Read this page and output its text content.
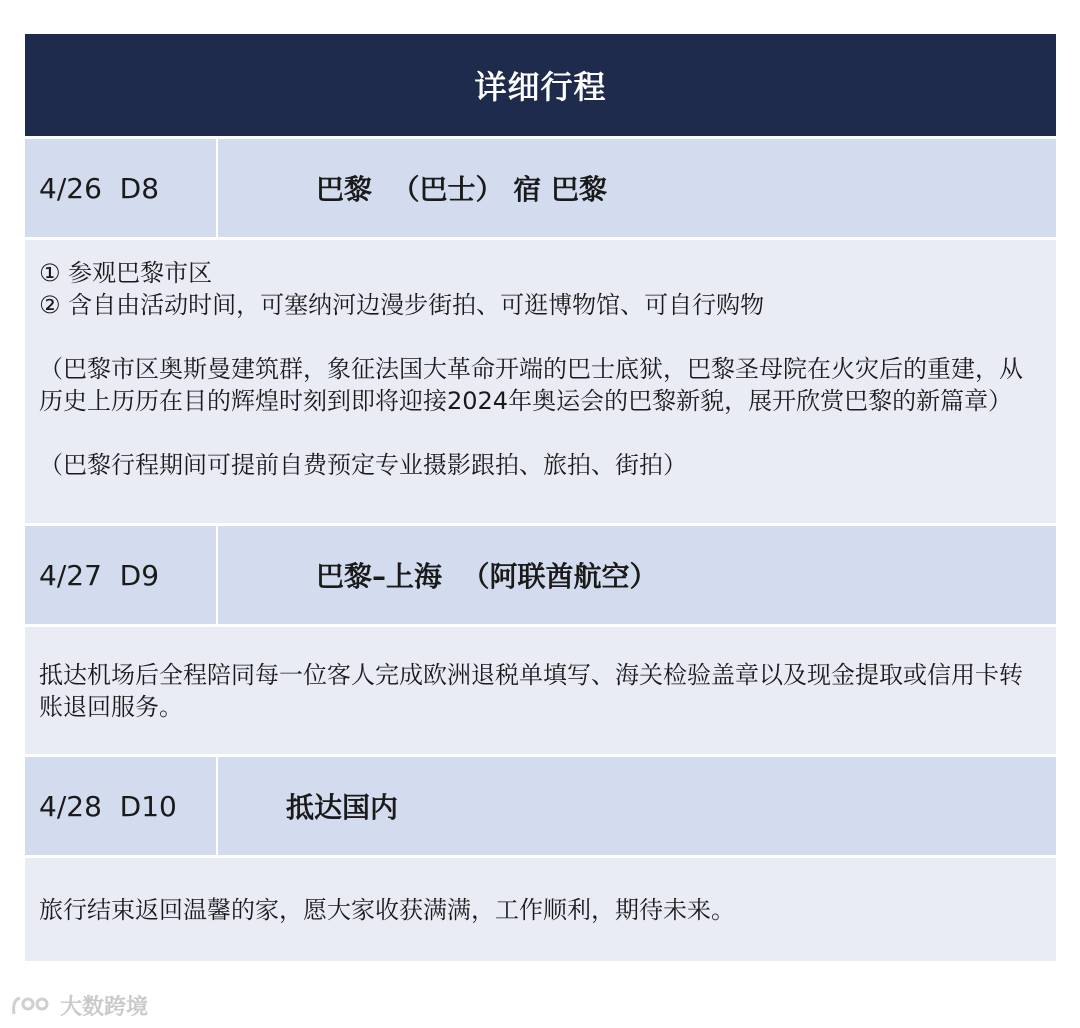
详细行程
4/26  D8	巴黎  （巴士） 宿 巴黎

① 参观巴黎市区

② 含自由活动时间，可塞纳河边漫步街拍、可逛博物馆、可自行购物

（巴黎市区奥斯曼建筑群，象征法国大革命开端的巴士底狱，巴黎圣母院在火灾后的重建，从历史上历历在目的辉煌时刻到即将迎接2024年奥运会的巴黎新貌，展开欣赏巴黎的新篇章）

（巴黎行程期间可提前自费预定专业摄影跟拍、旅拍、街拍）

4/27  D9	巴黎–上海  （阿联酋航空）

抵达机场后全程陪同每一位客人完成欧洲退税单填写、海关检验盖章以及现金提取或信用卡转账退回服务。

4/28  D10	抵达国内

旅行结束返回温馨的家，愿大家收获满满，工作顺利，期待未来。

大数跨境
